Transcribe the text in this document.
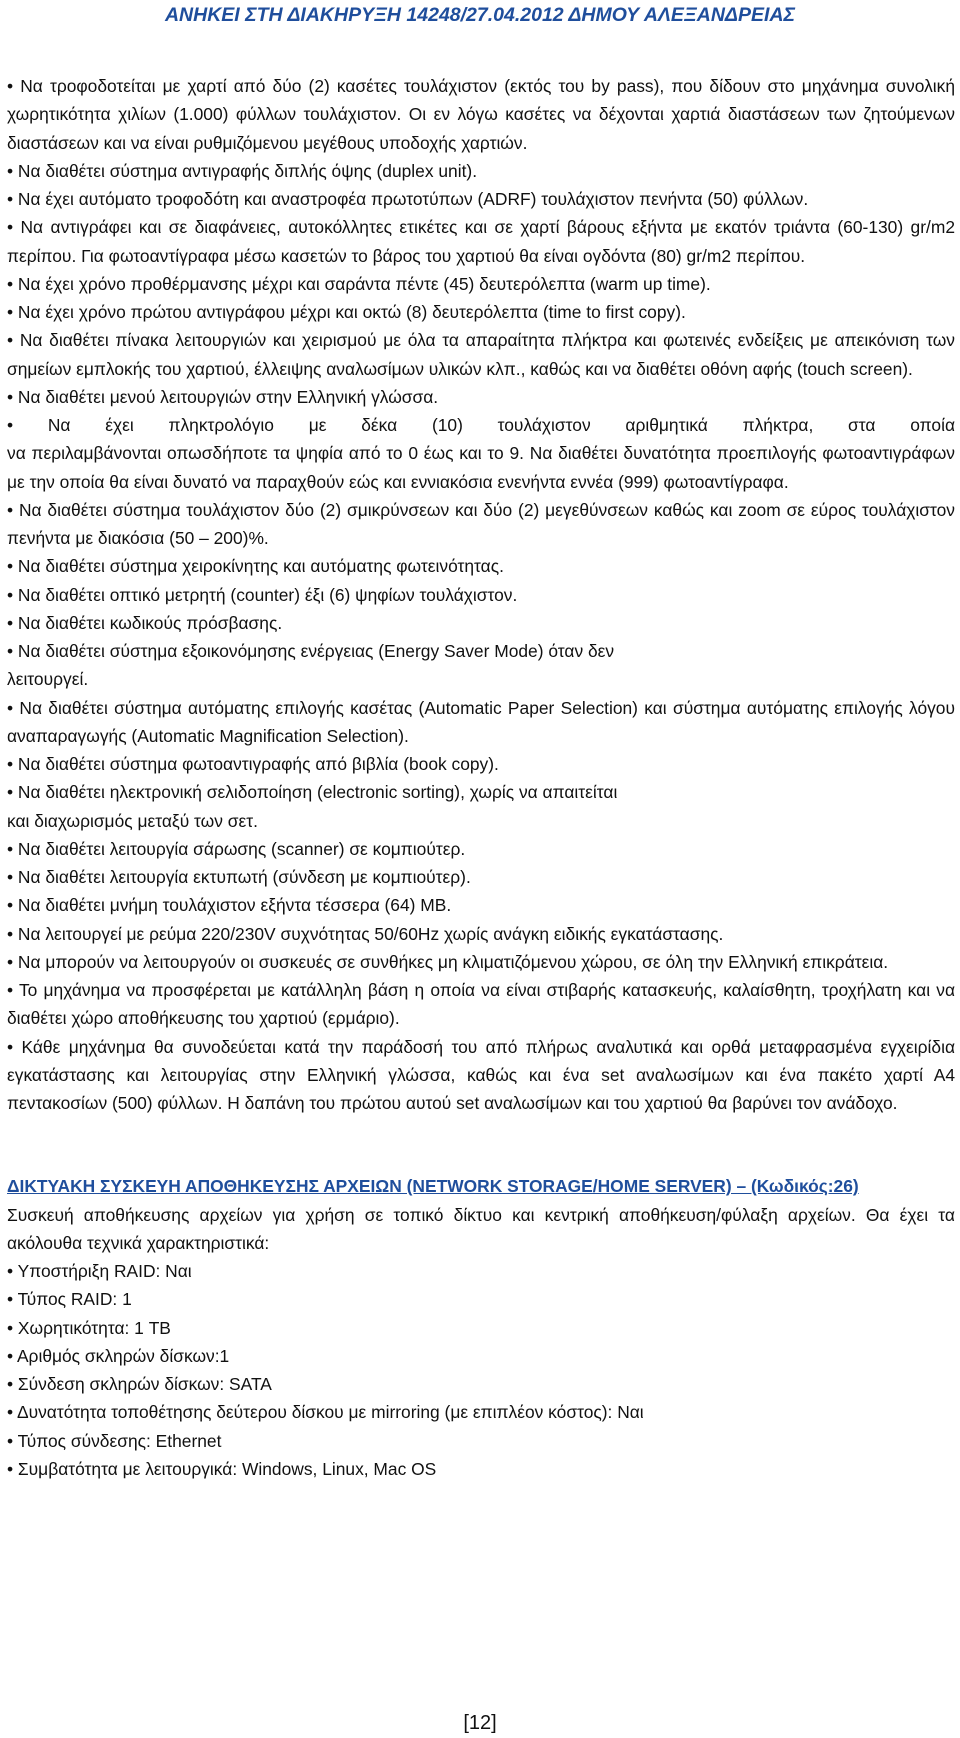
ΑΝΗΚΕΙ ΣΤΗ ΔΙΑΚΗΡΥΞΗ 14248/27.04.2012 ΔΗΜΟΥ ΑΛΕΞΑΝΔΡΕΙΑΣ

• Να τροφοδοτείται με χαρτί από δύο (2) κασέτες τουλάχιστον (εκτός του by pass), που δίδουν στο μηχάνημα συνολική χωρητικότητα χιλίων (1.000) φύλλων τουλάχιστον. Οι εν λόγω κασέτες να δέχονται χαρτιά διαστάσεων των ζητούμενων διαστάσεων και να είναι ρυθμιζόμενου μεγέθους υποδοχής χαρτιών.

• Να διαθέτει σύστημα αντιγραφής διπλής όψης (duplex unit).

• Να έχει αυτόματο τροφοδότη και αναστροφέα πρωτοτύπων (ADRF) τουλάχιστον πενήντα (50) φύλλων.

• Να αντιγράφει και σε διαφάνειες, αυτοκόλλητες ετικέτες και σε χαρτί βάρους εξήντα με εκατόν τριάντα (60-130) gr/m2 περίπου. Για φωτοαντίγραφα μέσω κασετών το βάρος του χαρτιού θα είναι ογδόντα (80) gr/m2 περίπου.

• Να έχει χρόνο προθέρμανσης μέχρι και σαράντα πέντε (45) δευτερόλεπτα (warm up time).

• Να έχει χρόνο πρώτου αντιγράφου μέχρι και οκτώ (8) δευτερόλεπτα (time to first copy).

• Να διαθέτει πίνακα λειτουργιών και χειρισμού με όλα τα απαραίτητα πλήκτρα και φωτεινές ενδείξεις με απεικόνιση των σημείων εμπλοκής του χαρτιού, έλλειψης αναλωσίμων υλικών κλπ., καθώς και να διαθέτει οθόνη αφής (touch screen).

• Να διαθέτει μενού λειτουργιών στην Ελληνική γλώσσα.

• Να έχει πληκτρολόγιο με δέκα (10) τουλάχιστον αριθμητικά πλήκτρα, στα οποία

να περιλαμβάνονται οπωσδήποτε τα ψηφία από το 0 έως και το 9. Να διαθέτει δυνατότητα προεπιλογής φωτοαντιγράφων με την οποία θα είναι δυνατό να παραχθούν εώς και εννιακόσια ενενήντα εννέα (999) φωτοαντίγραφα.

• Να διαθέτει σύστημα τουλάχιστον δύο (2) σμικρύνσεων και δύο (2) μεγεθύνσεων καθώς και zoom σε εύρος τουλάχιστον πενήντα με διακόσια (50 – 200)%.

• Να διαθέτει σύστημα χειροκίνητης και αυτόματης φωτεινότητας.

• Να διαθέτει οπτικό μετρητή (counter) έξι (6) ψηφίων τουλάχιστον.

• Να διαθέτει κωδικούς πρόσβασης.

• Να διαθέτει σύστημα εξοικονόμησης ενέργειας (Energy Saver Mode) όταν δεν

λειτουργεί.

• Να διαθέτει σύστημα αυτόματης επιλογής κασέτας (Automatic Paper Selection) και σύστημα αυτόματης επιλογής λόγου αναπαραγωγής (Automatic Magnification Selection).

• Να διαθέτει σύστημα φωτοαντιγραφής από βιβλία (book copy).

• Να διαθέτει ηλεκτρονική σελιδοποίηση (electronic sorting), χωρίς να απαιτείται

και διαχωρισμός μεταξύ των σετ.

• Να διαθέτει λειτουργία σάρωσης (scanner) σε κομπιούτερ.

• Να διαθέτει λειτουργία εκτυπωτή (σύνδεση με κομπιούτερ).

• Να διαθέτει μνήμη τουλάχιστον εξήντα τέσσερα (64) MB.

• Να λειτουργεί με ρεύμα 220/230V συχνότητας 50/60Hz χωρίς ανάγκη ειδικής εγκατάστασης.

• Να μπορούν να λειτουργούν οι συσκευές σε συνθήκες μη κλιματιζόμενου χώρου, σε όλη την Ελληνική επικράτεια.

• Το μηχάνημα να προσφέρεται με κατάλληλη βάση η οποία να είναι στιβαρής κατασκευής, καλαίσθητη, τροχήλατη και να διαθέτει χώρο αποθήκευσης του χαρτιού (ερμάριο).

• Κάθε μηχάνημα θα συνοδεύεται κατά την παράδοσή του από πλήρως αναλυτικά και ορθά μεταφρασμένα εγχειρίδια εγκατάστασης και λειτουργίας στην Ελληνική γλώσσα, καθώς και ένα set αναλωσίμων και ένα πακέτο χαρτί Α4 πεντακοσίων (500) φύλλων. Η δαπάνη του πρώτου αυτού set αναλωσίμων και του χαρτιού θα βαρύνει τον ανάδοχο.

ΔΙΚΤΥΑΚΗ ΣΥΣΚΕΥΗ ΑΠΟΘΗΚΕΥΣΗΣ ΑΡΧΕΙΩΝ (NETWORK STORAGE/HOME SERVER) – (Κωδικός:26)

Συσκευή αποθήκευσης αρχείων για χρήση σε τοπικό δίκτυο και κεντρική αποθήκευση/φύλαξη αρχείων. Θα έχει τα ακόλουθα τεχνικά χαρακτηριστικά:

• Υποστήριξη RAID: Ναι

• Τύπος RAID: 1

• Χωρητικότητα: 1 TB

• Αριθμός σκληρών δίσκων:1

• Σύνδεση σκληρών δίσκων: SATA

• Δυνατότητα τοποθέτησης δεύτερου δίσκου με mirroring (με επιπλέον κόστος): Ναι

• Τύπος σύνδεσης: Ethernet

• Συμβατότητα με λειτουργικά: Windows, Linux, Mac OS

[12]
